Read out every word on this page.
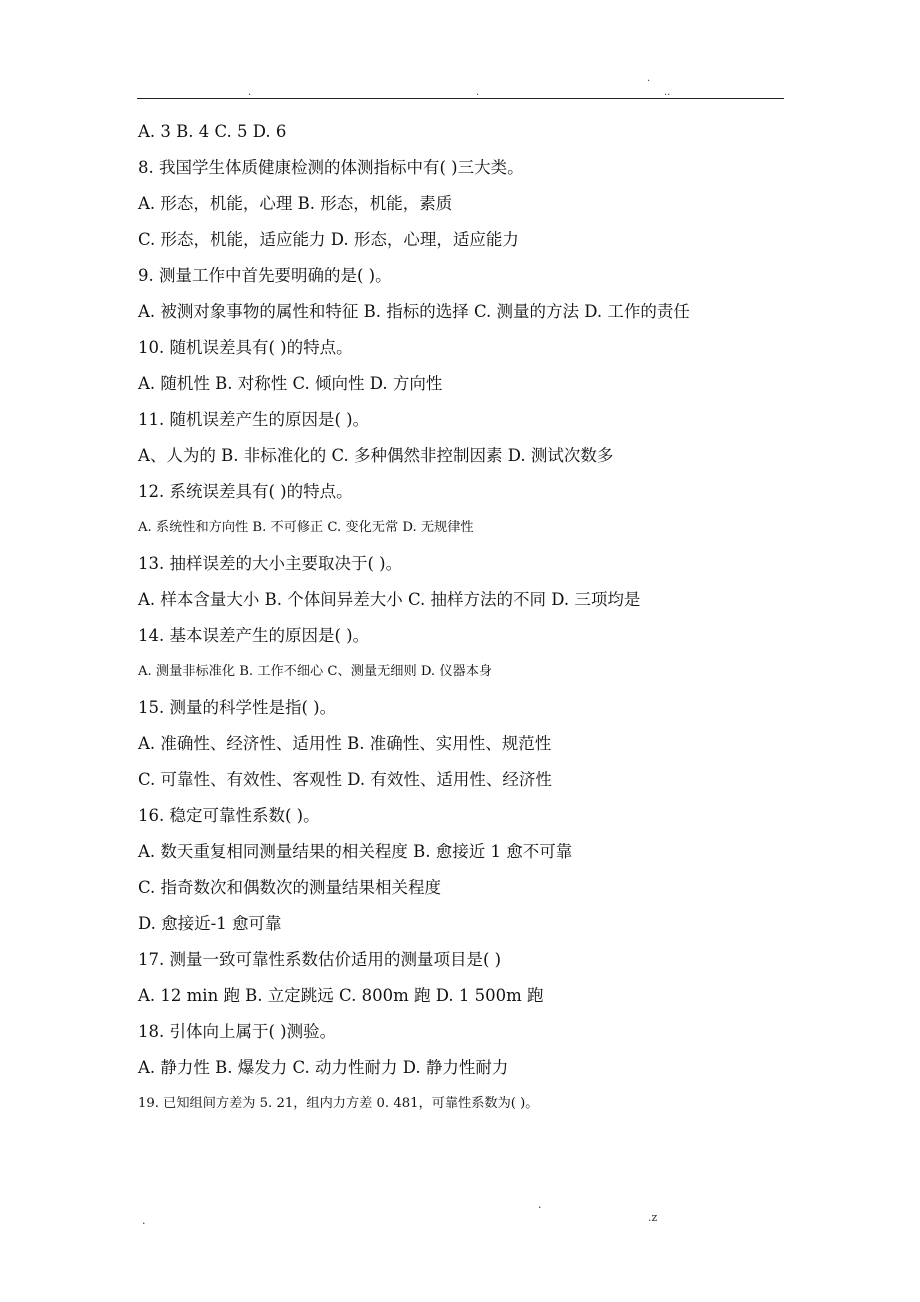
.
.	.	..
A. 3 B. 4 C. 5 D. 6
8. 我国学生体质健康检测的体测指标中有( )三大类。
A. 形态，机能，心理 B. 形态，机能，素质
C. 形态，机能，适应能力 D. 形态，心理，适应能力
9. 测量工作中首先要明确的是( )。
A. 被测对象事物的属性和特征 B. 指标的选择 C. 测量的方法 D. 工作的责任
10. 随机误差具有( )的特点。
A. 随机性 B. 对称性 C. 倾向性 D. 方向性
11. 随机误差产生的原因是( )。
A、人为的 B. 非标准化的 C. 多种偶然非控制因素 D. 测试次数多
12. 系统误差具有( )的特点。
A. 系统性和方向性 B. 不可修正 C. 变化无常 D. 无规律性
13. 抽样误差的大小主要取决于( )。
A. 样本含量大小 B. 个体间异差大小 C. 抽样方法的不同 D. 三项均是
14. 基本误差产生的原因是( )。
A. 测量非标准化 B. 工作不细心 C、测量无细则 D. 仪器本身
15. 测量的科学性是指( )。
A. 准确性、经济性、适用性 B. 准确性、实用性、规范性
C. 可靠性、有效性、客观性 D. 有效性、适用性、经济性
16. 稳定可靠性系数( )。
A. 数天重复相同测量结果的相关程度 B. 愈接近 1 愈不可靠
C. 指奇数次和偶数次的测量结果相关程度
D. 愈接近-1 愈可靠
17. 测量一致可靠性系数估价适用的测量项目是( )
A. 12 min 跑 B. 立定跳远 C. 800m 跑 D. 1 500m 跑
18. 引体向上属于( )测验。
A. 静力性 B. 爆发力 C. 动力性耐力 D. 静力性耐力
19. 已知组间方差为 5. 21，组内力方差 0. 481，可靠性系数为( )。
.
.	.z
